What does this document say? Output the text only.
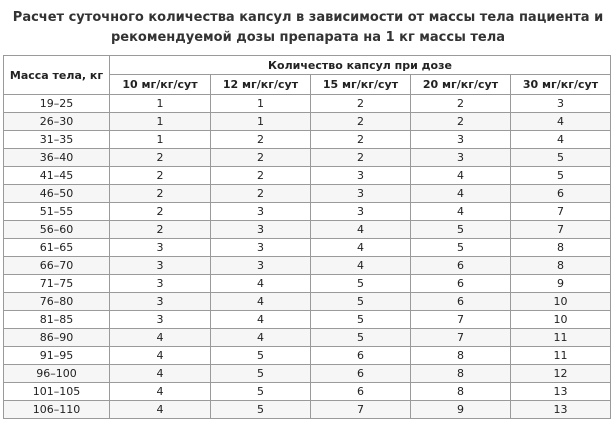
Расчет суточного количества капсул в зависимости от массы тела пациента и
рекомендуемой дозы препарата на 1 кг массы тела
Масса тела, кг	Количество капсул при дозе				
	10 мг/кг/сут	12 мг/кг/сут	15 мг/кг/сут	20 мг/кг/сут	30 мг/кг/сут
19–25	1	1	2	2	3
26–30	1	1	2	2	4
31–35	1	2	2	3	4
36–40	2	2	2	3	5
41–45	2	2	3	4	5
46–50	2	2	3	4	6
51–55	2	3	3	4	7
56–60	2	3	4	5	7
61–65	3	3	4	5	8
66–70	3	3	4	6	8
71–75	3	4	5	6	9
76–80	3	4	5	6	10
81–85	3	4	5	7	10
86–90	4	4	5	7	11
91–95	4	5	6	8	11
96–100	4	5	6	8	12
101–105	4	5	6	8	13
106–110	4	5	7	9	13
